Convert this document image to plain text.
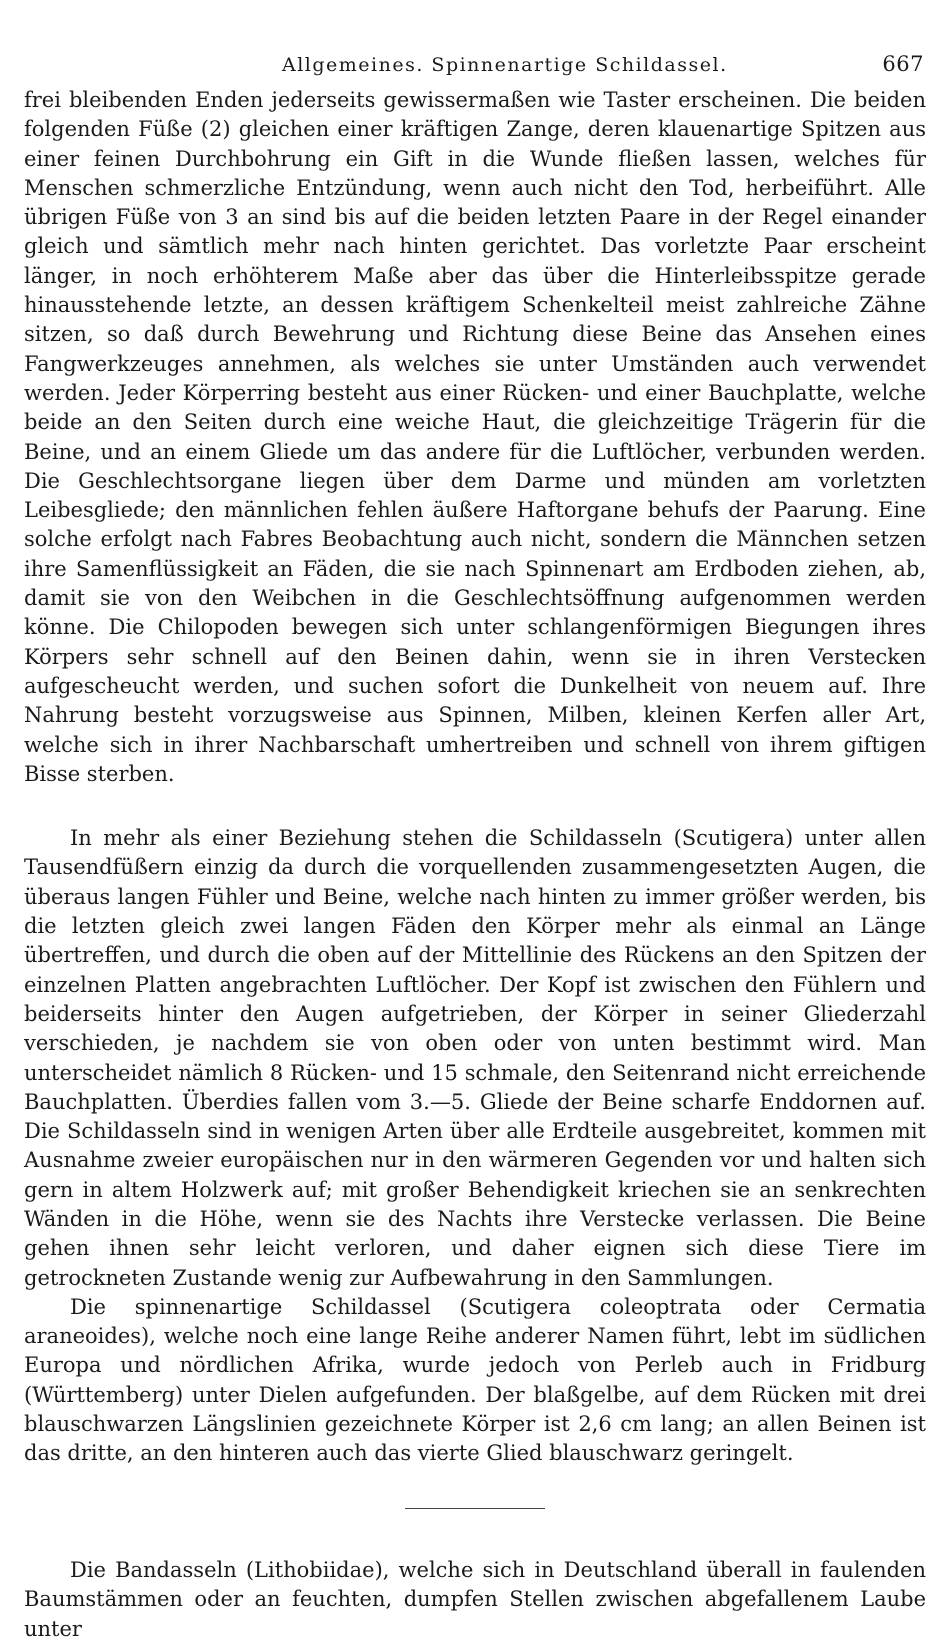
Allgemeines. Spinnenartige Schildassel.	667

frei bleibenden Enden jederseits gewissermaßen wie Taster erscheinen. Die beiden folgenden Füße (2) gleichen einer kräftigen Zange, deren klauenartige Spitzen aus einer feinen Durchbohrung ein Gift in die Wunde fließen lassen, welches für Menschen schmerzliche Entzündung, wenn auch nicht den Tod, herbeiführt. Alle übrigen Füße von 3 an sind bis auf die beiden letzten Paare in der Regel einander gleich und sämtlich mehr nach hinten gerichtet. Das vorletzte Paar erscheint länger, in noch erhöhterem Maße aber das über die Hinterleibsspitze gerade hinausstehende letzte, an dessen kräftigem Schenkelteil meist zahlreiche Zähne sitzen, so daß durch Bewehrung und Richtung diese Beine das Ansehen eines Fangwerkzeuges annehmen, als welches sie unter Umständen auch verwendet werden. Jeder Körperring besteht aus einer Rücken- und einer Bauchplatte, welche beide an den Seiten durch eine weiche Haut, die gleichzeitige Trägerin für die Beine, und an einem Gliede um das andere für die Luftlöcher, verbunden werden. Die Geschlechtsorgane liegen über dem Darme und münden am vorletzten Leibesgliede; den männlichen fehlen äußere Haftorgane behufs der Paarung. Eine solche erfolgt nach Fabres Beobachtung auch nicht, sondern die Männchen setzen ihre Samenflüssigkeit an Fäden, die sie nach Spinnenart am Erdboden ziehen, ab, damit sie von den Weibchen in die Geschlechtsöffnung aufgenommen werden könne. Die Chilopoden bewegen sich unter schlangenförmigen Biegungen ihres Körpers sehr schnell auf den Beinen dahin, wenn sie in ihren Verstecken aufgescheucht werden, und suchen sofort die Dunkelheit von neuem auf. Ihre Nahrung besteht vorzugsweise aus Spinnen, Milben, kleinen Kerfen aller Art, welche sich in ihrer Nachbarschaft umhertreiben und schnell von ihrem giftigen Bisse sterben.

In mehr als einer Beziehung stehen die Schildasseln (Scutigera) unter allen Tausendfüßern einzig da durch die vorquellenden zusammengesetzten Augen, die überaus langen Fühler und Beine, welche nach hinten zu immer größer werden, bis die letzten gleich zwei langen Fäden den Körper mehr als einmal an Länge übertreffen, und durch die oben auf der Mittellinie des Rückens an den Spitzen der einzelnen Platten angebrachten Luftlöcher. Der Kopf ist zwischen den Fühlern und beiderseits hinter den Augen aufgetrieben, der Körper in seiner Gliederzahl verschieden, je nachdem sie von oben oder von unten bestimmt wird. Man unterscheidet nämlich 8 Rücken- und 15 schmale, den Seitenrand nicht erreichende Bauchplatten. Überdies fallen vom 3.—5. Gliede der Beine scharfe Enddornen auf. Die Schildasseln sind in wenigen Arten über alle Erdteile ausgebreitet, kommen mit Ausnahme zweier europäischen nur in den wärmeren Gegenden vor und halten sich gern in altem Holzwerk auf; mit großer Behendigkeit kriechen sie an senkrechten Wänden in die Höhe, wenn sie des Nachts ihre Verstecke verlassen. Die Beine gehen ihnen sehr leicht verloren, und daher eignen sich diese Tiere im getrockneten Zustande wenig zur Aufbewahrung in den Sammlungen.

Die spinnenartige Schildassel (Scutigera coleoptrata oder Cermatia araneoides), welche noch eine lange Reihe anderer Namen führt, lebt im südlichen Europa und nördlichen Afrika, wurde jedoch von Perleb auch in Fridburg (Württemberg) unter Dielen aufgefunden. Der blaßgelbe, auf dem Rücken mit drei blauschwarzen Längslinien gezeichnete Körper ist 2,6 cm lang; an allen Beinen ist das dritte, an den hinteren auch das vierte Glied blauschwarz geringelt.

Die Bandasseln (Lithobiidae), welche sich in Deutschland überall in faulenden Baumstämmen oder an feuchten, dumpfen Stellen zwischen abgefallenem Laube unter
